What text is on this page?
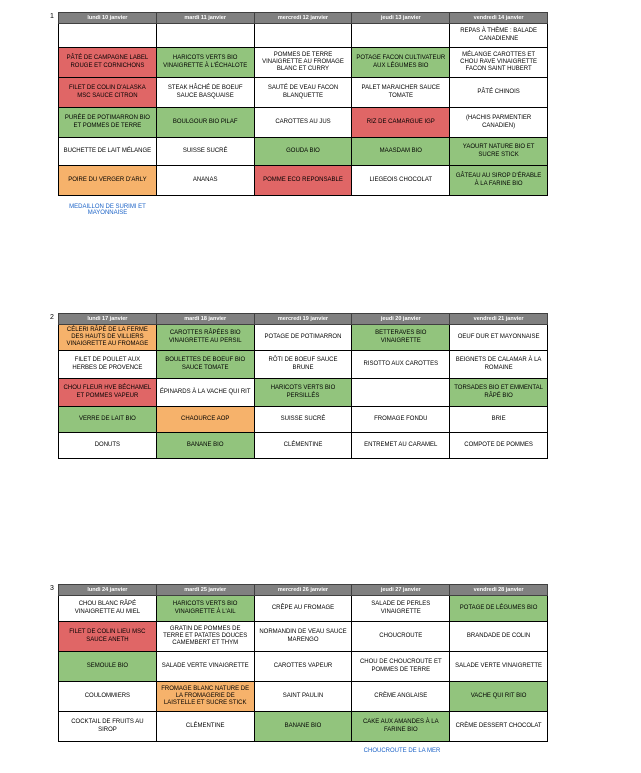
1	lundi 10 janvier	mardi 11 janvier	mercredi 12 janvier	jeudi 13 janvier	vendredi 14 janvier
				REPAS À THÈME : BALADE CANADIENNE
PÂTÉ DE CAMPAGNE LABEL ROUGE ET CORNICHONS	HARICOTS VERTS BIO VINAIGRETTE À L'ÉCHALOTE	POMMES DE TERRE VINAIGRETTE AU FROMAGE BLANC ET CURRY	POTAGE FACON CULTIVATEUR AUX LÉGUMES BIO	MÉLANGE CAROTTES ET CHOU RAVE VINAIGRETTE FACON SAINT HUBERT
FILET DE COLIN D'ALASKA MSC SAUCE CITRON	STEAK HÂCHÉ DE BOEUF SAUCE BASQUAISE	SAUTÉ DE VEAU FACON BLANQUETTE	PALET MARAICHER SAUCE TOMATE	PÂTÉ CHINOIS
PURÉE DE POTIMARRON BIO ET POMMES DE TERRE	BOULGOUR BIO PILAF	CAROTTES AU JUS	RIZ DE CAMARGUE IGP	(HACHIS PARMENTIER CANADIEN)
BUCHETTE DE LAIT MÉLANGE	SUISSE SUCRÉ	GOUDA BIO	MAASDAM BIO	YAOURT NATURE BIO ET SUCRE STICK
POIRE DU VERGER D'ARLY	ANANAS	POMME ECO REPONSABLE	LIEGEOIS CHOCOLAT	GÂTEAU AU SIROP D'ÉRABLE À LA FARINE BIO
MEDAILLON DE SURIMI ET MAYONNAISE
2	lundi 17 janvier	mardi 18 janvier	mercredi 19 janvier	jeudi 20 janvier	vendredi 21 janvier
CÉLERI RÂPÉ DE LA FERME DES HAUTS DE VILLIERS VINAIGRETTE AU FROMAGE	CAROTTES RÂPÉES BIO VINAIGRETTE AU PERSIL	POTAGE DE POTIMARRON	BETTERAVES BIO VINAIGRETTE	OEUF DUR ET MAYONNAISE
FILET DE POULET AUX HERBES DE PROVENCE	BOULETTES DE BOEUF BIO SAUCE TOMATE	RÔTI DE BOEUF SAUCE BRUNE	RISOTTO AUX CAROTTES	BEIGNETS DE CALAMAR À LA ROMAINE
CHOU FLEUR HVE BÉCHAMEL ET POMMES VAPEUR	ÉPINARDS À LA VACHE QUI RIT	HARICOTS VERTS BIO PERSILLÉS		TORSADES BIO ET EMMENTAL RÂPÉ BIO
VERRE DE LAIT BIO	CHAOURCE AOP	SUISSE SUCRÉ	FROMAGE FONDU	BRIE
DONUTS	BANANE BIO	CLÉMENTINE	ENTREMET AU CARAMEL	COMPOTE DE POMMES
3	lundi 24 janvier	mardi 25 janvier	mercredi 26 janvier	jeudi 27 janvier	vendredi 28 janvier
CHOU BLANC RÂPÉ VINAIGRETTE AU MIEL	HARICOTS VERTS BIO VINAIGRETTE À L'AIL	CRÊPE AU FROMAGE	SALADE DE PERLES VINAIGRETTE	POTAGE DE LÉGUMES BIO
FILET DE COLIN LIEU MSC SAUCE ANETH	GRATIN DE POMMES DE TERRE ET PATATES DOUCES CAMEMBERT ET THYM	NORMANDIN DE VEAU SAUCE MARENGO	CHOUCROUTE	BRANDADE DE COLIN
SEMOULE BIO	SALADE VERTE VINAIGRETTE	CAROTTES VAPEUR	CHOU DE CHOUCROUTE ET POMMES DE TERRE	SALADE VERTE VINAIGRETTE
COULOMMIERS	FROMAGE BLANC NATURE DE LA FROMAGERIE DE LAISTELLE ET SUCRE STICK	SAINT PAULIN	CRÈME ANGLAISE	VACHE QUI RIT BIO
COCKTAIL DE FRUITS AU SIROP	CLÉMENTINE	BANANE BIO	CAKE AUX AMANDES À LA FARINE BIO	CRÈME DESSERT CHOCOLAT
CHOUCROUTE DE LA MER
